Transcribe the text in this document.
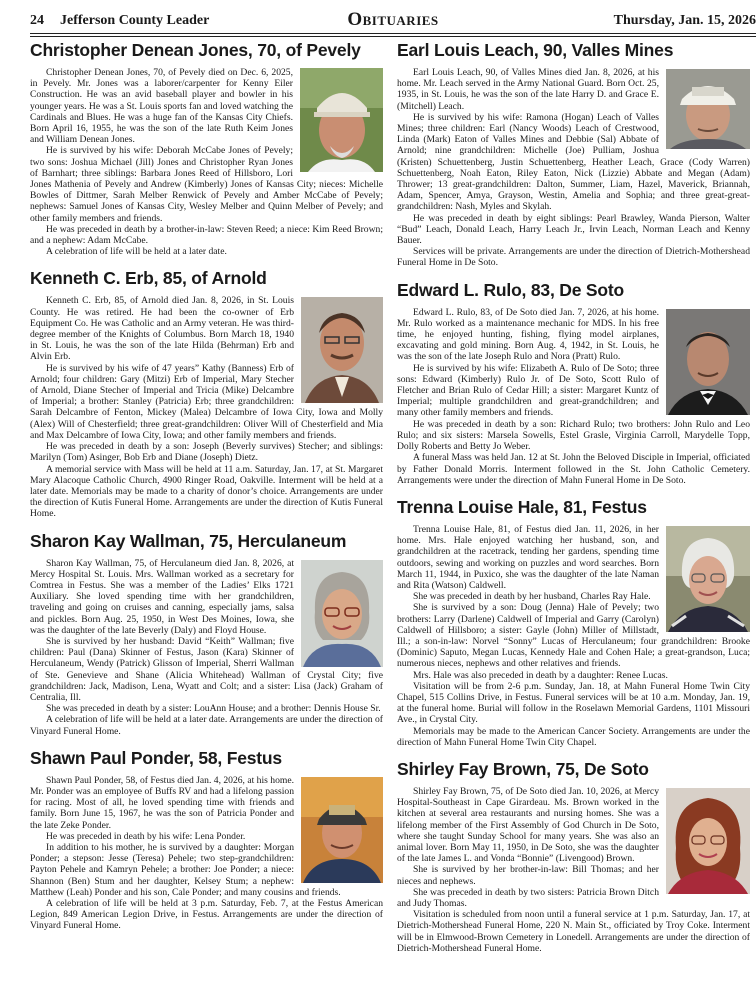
24 Jefferson County Leader	Obituaries	Thursday, Jan. 15, 2026
Christopher Denean Jones, 70, of Pevely

Christopher Denean Jones, 70, of Pevely died on Dec. 6, 2025, in Pevely. Mr. Jones was a laborer/carpenter for Kenny Eiler Construction. He was an avid baseball player and bowler in his younger years. He was a St. Louis sports fan and loved watching the Cardinals and Blues. He was a huge fan of the Kansas City Chiefs. Born April 16, 1955, he was the son of the late Ruth Keim Jones and William Denean Jones.

He is survived by his wife: Deborah McCabe Jones of Pevely; two sons: Joshua Michael (Jill) Jones and Christopher Ryan Jones of Barnhart; three siblings: Barbara Jones Reed of Hillsboro, Lori Jones Mathenia of Pevely and Andrew (Kimberly) Jones of Kansas City; nieces: Michelle Bowles of Dittmer, Sarah Melber Renwick of Pevely and Amber McCabe of Pevely; nephews: Samuel Jones of Kansas City, Wesley Melber and Quinn Melber of Pevely; and other family members and friends.

He was preceded in death by a brother-in-law: Steven Reed; a niece: Kim Reed Brown; and a nephew: Adam McCabe.

A celebration of life will be held at a later date.

Kenneth C. Erb, 85, of Arnold

Kenneth C. Erb, 85, of Arnold died Jan. 8, 2026, in St. Louis County. He was retired. He had been the co-owner of Erb Equipment Co. He was Catholic and an Army veteran. He was third-degree member of the Knights of Columbus. Born March 18, 1940 in St. Louis, he was the son of the late Hilda (Behrman) Erb and Alvin Erb.

He is survived by his wife of 47 years” Kathy (Banness) Erb of Arnold; four children: Gary (Mitzi) Erb of Imperial, Mary Stecher of Arnold, Diane Stecher of Imperial and Tricia (Mike) Delcambre of Imperial; a brother: Stanley (Patricia) Erb; three grandchildren: Sarah Delcambre of Fenton, Mickey (Malea) Delcambre of Iowa City, Iowa and Molly (Alex) Will of Chesterfield; three great-grandchildren: Oliver Will of Chesterfield and Mia and Max Delcambre of Iowa City, Iowa; and other family members and friends.

He was preceded in death by a son: Joseph (Beverly survives) Stecher; and siblings: Marilyn (Tom) Asinger, Bob Erb and Diane (Joseph) Dietz.

A memorial service with Mass will be held at 11 a.m. Saturday, Jan. 17, at St. Margaret Mary Alacoque Catholic Church, 4900 Ringer Road, Oakville. Interment will be held at a later date. Memorials may be made to a charity of donor’s choice. Arrangements are under the direction of Kutis Funeral Home. Arrangements are under the direction of Kutis Funeral Home.

Sharon Kay Wallman, 75, Herculaneum

Sharon Kay Wallman, 75, of Herculaneum died Jan. 8, 2026, at Mercy Hospital St. Louis. Mrs. Wallman worked as a secretary for Comtrea in Festus. She was a member of the Ladies’ Elks 1721 Auxiliary. She loved spending time with her grandchildren, traveling and going on cruises and canning, especially jams, salsa and pickles. Born Aug. 25, 1950, in West Des Moines, Iowa, she was the daughter of the late Beverly (Daly) and Floyd House.

She is survived by her husband: David “Keith” Wallman; five children: Paul (Dana) Skinner of Festus, Jason (Kara) Skinner of Herculaneum, Wendy (Patrick) Glisson of Imperial, Sherri Wallman of Ste. Genevieve and Shane (Alicia Whitehead) Wallman of Crystal City; five grandchildren: Jack, Madison, Lena, Wyatt and Colt; and a sister: Lisa (Jack) Graham of Centralia, Ill.

She was preceded in death by a sister: LouAnn House; and a brother: Dennis House Sr.

A celebration of life will be held at a later date. Arrangements are under the direction of Vinyard Funeral Home.

Shawn Paul Ponder, 58, Festus

Shawn Paul Ponder, 58, of Festus died Jan. 4, 2026, at his home. Mr. Ponder was an employee of Buffs RV and had a lifelong passion for racing. Most of all, he loved spending time with friends and family. Born June 15, 1967, he was the son of Patricia Ponder and the late Zeke Ponder.

He was preceded in death by his wife: Lena Ponder.

In addition to his mother, he is survived by a daughter: Morgan Ponder; a stepson: Jesse (Teresa) Pehele; two step-grandchildren: Payton Pehele and Kamryn Pehele; a brother: Joe Ponder; a niece: Shannon (Ben) Stum and her daughter, Kelsey Stum; a nephew: Matthew (Leah) Ponder and his son, Cale Ponder; and many cousins and friends.

A celebration of life will be held at 3 p.m. Saturday, Feb. 7, at the Festus American Legion, 849 American Legion Drive, in Festus. Arrangements are under the direction of Vinyard Funeral Home.

Earl Louis Leach, 90, Valles Mines

Earl Louis Leach, 90, of Valles Mines died Jan. 8, 2026, at his home. Mr. Leach served in the Army National Guard. Born Oct. 25, 1935, in St. Louis, he was the son of the late Harry D. and Grace E. (Mitchell) Leach.

He is survived by his wife: Ramona (Hogan) Leach of Valles Mines; three children: Earl (Nancy Woods) Leach of Crestwood, Linda (Mark) Eaton of Valles Mines and Debbie (Sal) Abbate of Arnold; nine grandchildren: Michelle (Joe) Pulliam, Joshua (Kristen) Schuettenberg, Justin Schuettenberg, Heather Leach, Grace (Cody Warren) Schuettenberg, Noah Eaton, Riley Eaton, Nick (Lizzie) Abbate and Megan (Adam) Thrower; 13 great-grandchildren: Dalton, Summer, Liam, Hazel, Maverick, Briannah, Adam, Spencer, Amya, Grayson, Westin, Amelia and Sophia; and three great-great-grandchildren: Nash, Myles and Skylah.

He was preceded in death by eight siblings: Pearl Brawley, Wanda Pierson, Walter “Bud” Leach, Donald Leach, Harry Leach Jr., Irvin Leach, Norman Leach and Kenny Bauer.

Services will be private. Arrangements are under the direction of Dietrich-Mothershead Funeral Home in De Soto.

Edward L. Rulo, 83, De Soto

Edward L. Rulo, 83, of De Soto died Jan. 7, 2026, at his home. Mr. Rulo worked as a maintenance mechanic for MDS. In his free time, he enjoyed hunting, fishing, flying model airplanes, excavating and gold mining. Born Aug. 4, 1942, in St. Louis, he was the son of the late Joseph Rulo and Nora (Pratt) Rulo.

He is survived by his wife: Elizabeth A. Rulo of De Soto; three sons: Edward (Kimberly) Rulo Jr. of De Soto, Scott Rulo of Fletcher and Brian Rulo of Cedar Hill; a sister: Margaret Kuntz of Imperial; multiple grandchildren and great-grandchildren; and many other family members and friends.

He was preceded in death by a son: Richard Rulo; two brothers: John Rulo and Leo Rulo; and six sisters: Marsela Sowells, Estel Grasle, Virginia Carroll, Marydelle Topp, Dolly Roberts and Betty Jo Weber.

A funeral Mass was held Jan. 12 at St. John the Beloved Disciple in Imperial, officiated by Father Donald Morris. Interment followed in the St. John Catholic Cemetery. Arrangements were under the direction of Mahn Funeral Home in De Soto.

Trenna Louise Hale, 81, Festus

Trenna Louise Hale, 81, of Festus died Jan. 11, 2026, in her home. Mrs. Hale enjoyed watching her husband, son, and grandchildren at the racetrack, tending her gardens, spending time outdoors, sewing and working on puzzles and word searches. Born March 11, 1944, in Puxico, she was the daughter of the late Naman and Rita (Watson) Caldwell.

She was preceded in death by her husband, Charles Ray Hale.

She is survived by a son: Doug (Jenna) Hale of Pevely; two brothers: Larry (Darlene) Caldwell of Imperial and Garry (Carolyn) Caldwell of Hillsboro; a sister: Gayle (John) Miller of Millstadt, Ill.; a son-in-law: Norvel “Sonny” Lucas of Herculaneum; four grandchildren: Brooke (Dominic) Saputo, Megan Lucas, Kennedy Hale and Cohen Hale; a great-grandson, Luca; numerous nieces, nephews and other relatives and friends.

Mrs. Hale was also preceded in death by a daughter: Renee Lucas.

Visitation will be from 2-6 p.m. Sunday, Jan. 18, at Mahn Funeral Home Twin City Chapel, 515 Collins Drive, in Festus. Funeral services will be at 10 a.m. Monday, Jan. 19, at the funeral home. Burial will follow in the Roselawn Memorial Gardens, 1101 Missouri Ave., in Crystal City.

Memorials may be made to the American Cancer Society. Arrangements are under the direction of Mahn Funeral Home Twin City Chapel.

Shirley Fay Brown, 75, De Soto

Shirley Fay Brown, 75, of De Soto died Jan. 10, 2026, at Mercy Hospital-Southeast in Cape Girardeau. Ms. Brown worked in the kitchen at several area restaurants and nursing homes. She was a lifelong member of the First Assembly of God Church in De Soto, where she taught Sunday School for many years. She was also an animal lover. Born May 11, 1950, in De Soto, she was the daughter of the late James L. and Vonda “Bonnie” (Livengood) Brown.

She is survived by her brother-in-law: Bill Thomas; and her nieces and nephews.

She was preceded in death by two sisters: Patricia Brown Ditch and Judy Thomas.

Visitation is scheduled from noon until a funeral service at 1 p.m. Saturday, Jan. 17, at Dietrich-Mothershead Funeral Home, 220 N. Main St., officiated by Troy Coke. Interment will be in Elmwood-Brown Cemetery in Lonedell. Arrangements are under the direction of Dietrich-Mothershead Funeral Home.
